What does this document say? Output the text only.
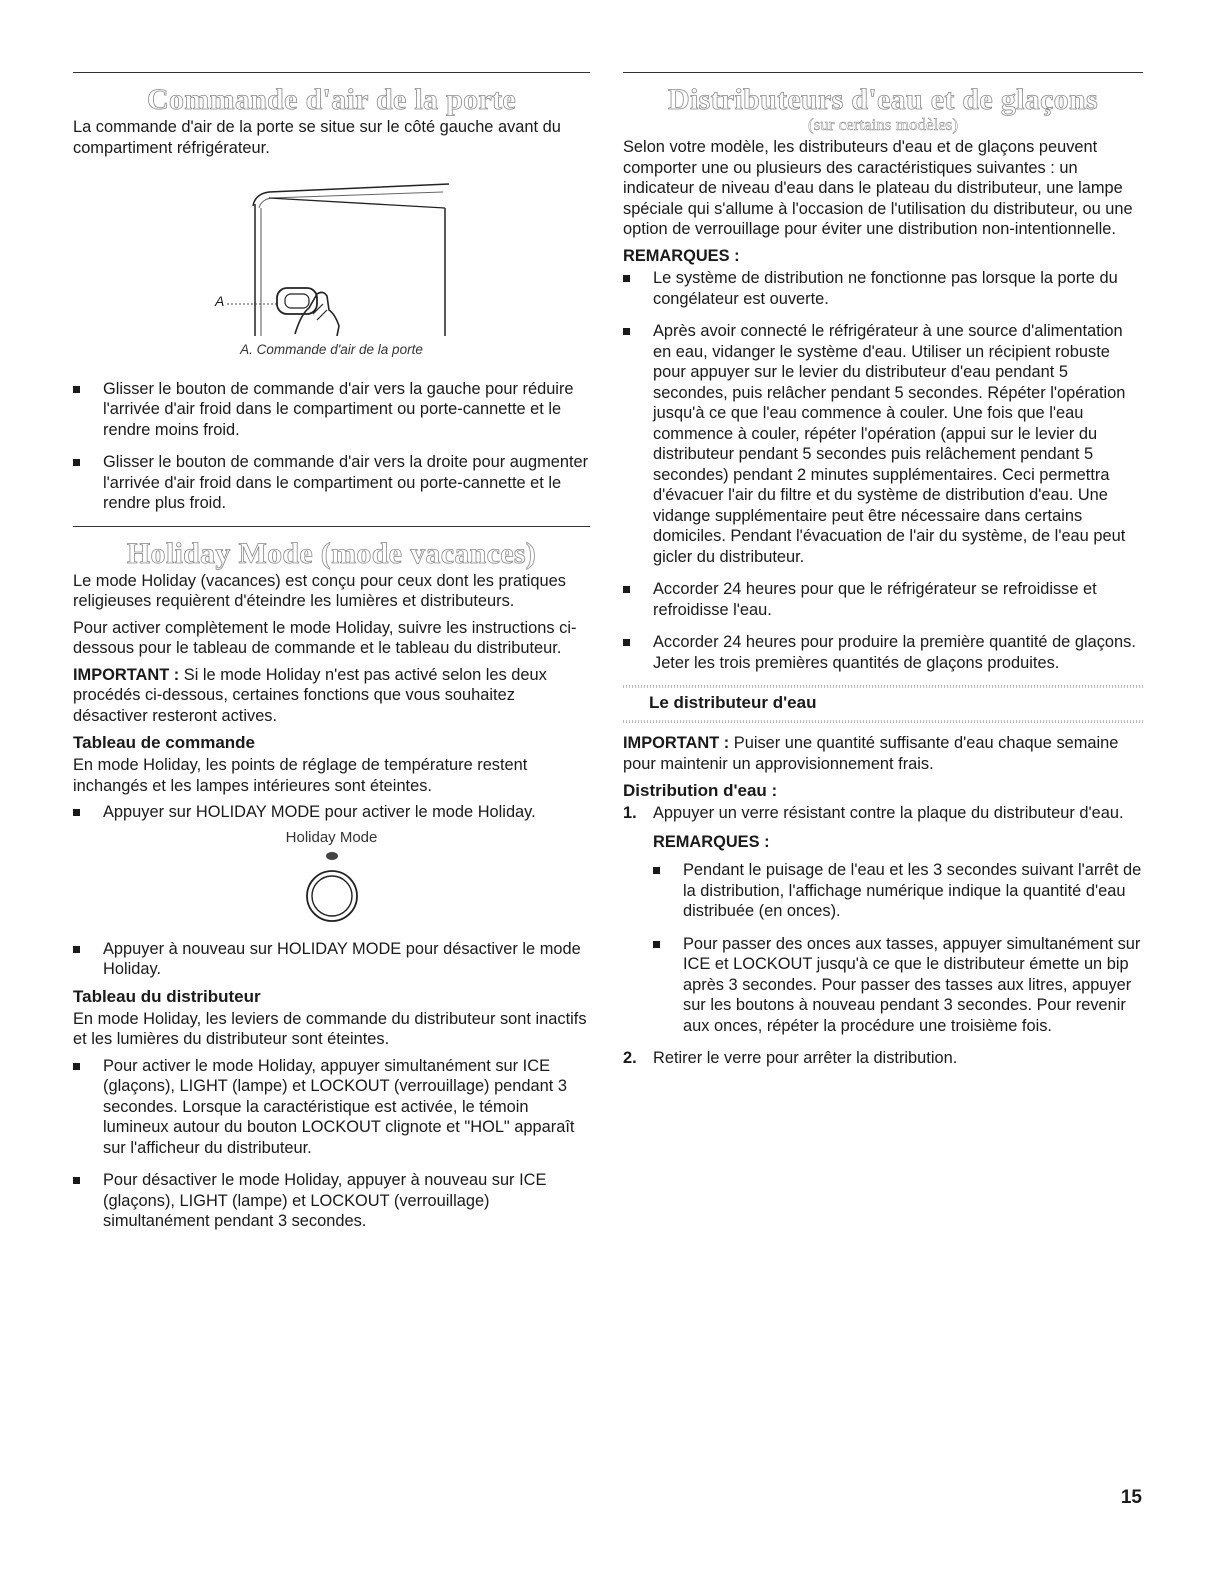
Commande d'air de la porte

La commande d'air de la porte se situe sur le côté gauche avant du compartiment réfrigérateur.

A

A. Commande d'air de la porte

Glisser le bouton de commande d'air vers la gauche pour réduire l'arrivée d'air froid dans le compartiment ou porte-cannette et le rendre moins froid.
Glisser le bouton de commande d'air vers la droite pour augmenter l'arrivée d'air froid dans le compartiment ou porte-cannette et le rendre plus froid.
Holiday Mode (mode vacances)

Le mode Holiday (vacances) est conçu pour ceux dont les pratiques religieuses requièrent d'éteindre les lumières et distributeurs.

Pour activer complètement le mode Holiday, suivre les instructions ci-dessous pour le tableau de commande et le tableau du distributeur.

IMPORTANT : Si le mode Holiday n'est pas activé selon les deux procédés ci-dessous, certaines fonctions que vous souhaitez désactiver resteront actives.

Tableau de commande

En mode Holiday, les points de réglage de température restent inchangés et les lampes intérieures sont éteintes.

Appuyer sur HOLIDAY MODE pour activer le mode Holiday.
Holiday Mode
Appuyer à nouveau sur HOLIDAY MODE pour désactiver le mode Holiday.
Tableau du distributeur

En mode Holiday, les leviers de commande du distributeur sont inactifs et les lumières du distributeur sont éteintes.

Pour activer le mode Holiday, appuyer simultanément sur ICE (glaçons), LIGHT (lampe) et LOCKOUT (verrouillage) pendant 3 secondes. Lorsque la caractéristique est activée, le témoin lumineux autour du bouton LOCKOUT clignote et "HOL" apparaît sur l'afficheur du distributeur.
Pour désactiver le mode Holiday, appuyer à nouveau sur ICE (glaçons), LIGHT (lampe) et LOCKOUT (verrouillage) simultanément pendant 3 secondes.
Distributeurs d'eau et de glaçons
(sur certains modèles)

Selon votre modèle, les distributeurs d'eau et de glaçons peuvent comporter une ou plusieurs des caractéristiques suivantes : un indicateur de niveau d'eau dans le plateau du distributeur, une lampe spéciale qui s'allume à l'occasion de l'utilisation du distributeur, ou une option de verrouillage pour éviter une distribution non-intentionnelle.

REMARQUES :
Le système de distribution ne fonctionne pas lorsque la porte du congélateur est ouverte.
Après avoir connecté le réfrigérateur à une source d'alimentation en eau, vidanger le système d'eau. Utiliser un récipient robuste pour appuyer sur le levier du distributeur d'eau pendant 5 secondes, puis relâcher pendant 5 secondes. Répéter l'opération jusqu'à ce que l'eau commence à couler. Une fois que l'eau commence à couler, répéter l'opération (appui sur le levier du distributeur pendant 5 secondes puis relâchement pendant 5 secondes) pendant 2 minutes supplémentaires. Ceci permettra d'évacuer l'air du filtre et du système de distribution d'eau. Une vidange supplémentaire peut être nécessaire dans certains domiciles. Pendant l'évacuation de l'air du système, de l'eau peut gicler du distributeur.
Accorder 24 heures pour que le réfrigérateur se refroidisse et refroidisse l'eau.
Accorder 24 heures pour produire la première quantité de glaçons. Jeter les trois premières quantités de glaçons produites.
Le distributeur d'eau

IMPORTANT : Puiser une quantité suffisante d'eau chaque semaine pour maintenir un approvisionnement frais.

Distribution d'eau :
1. Appuyer un verre résistant contre la plaque du distributeur d'eau.
REMARQUES :
Pendant le puisage de l'eau et les 3 secondes suivant l'arrêt de la distribution, l'affichage numérique indique la quantité d'eau distribuée (en onces).
Pour passer des onces aux tasses, appuyer simultanément sur ICE et LOCKOUT jusqu'à ce que le distributeur émette un bip après 3 secondes. Pour passer des tasses aux litres, appuyer sur les boutons à nouveau pendant 3 secondes. Pour revenir aux onces, répéter la procédure une troisième fois.
2. Retirer le verre pour arrêter la distribution.
15
